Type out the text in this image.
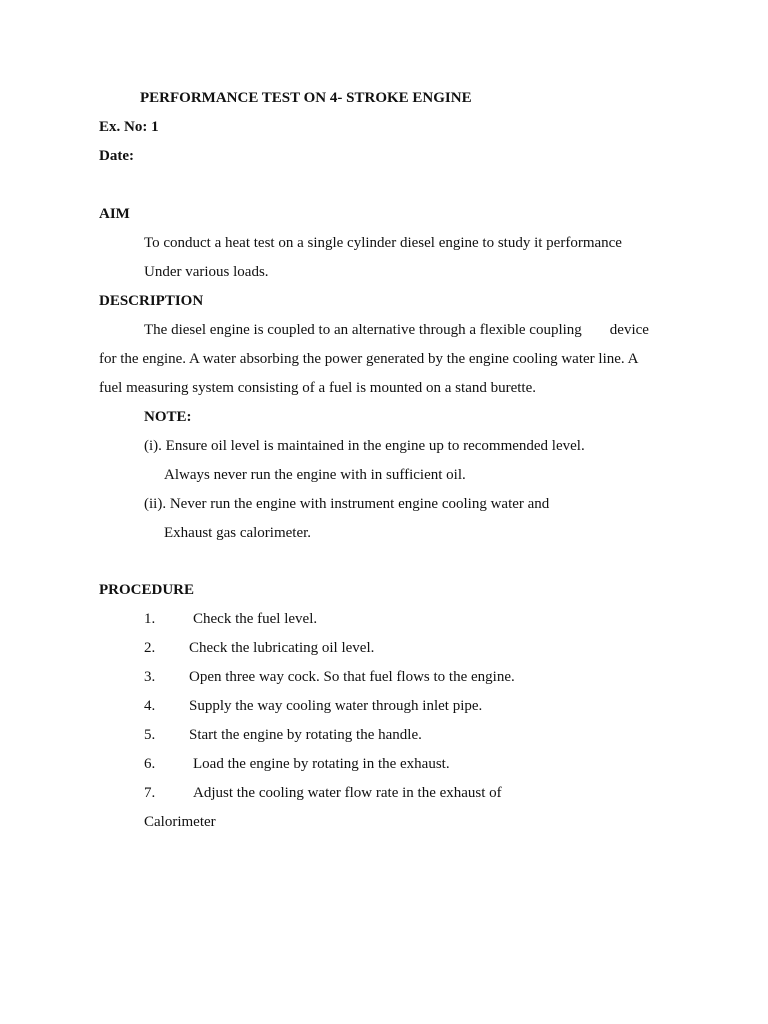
PERFORMANCE TEST ON 4- STROKE ENGINE
Ex. No: 1
Date:
AIM
To conduct a heat test on a single cylinder diesel engine to study it performance
Under various loads.
DESCRIPTION
The diesel engine is coupled to an alternative through a flexible coupling device
for the engine. A water absorbing the power generated by the engine cooling water line. A
fuel measuring system consisting of a fuel is mounted on a stand burette.
NOTE:
(i). Ensure oil level is maintained in the engine up to recommended level.
Always never run the engine with in sufficient oil.
(ii). Never run the engine with instrument engine cooling water and
Exhaust gas calorimeter.
PROCEDURE
1.	Check the fuel level.
2. Check the lubricating oil level.
3. Open three way cock. So that fuel flows to the engine.
4. Supply the way cooling water through inlet pipe.
5. Start the engine by rotating the handle.
6.	Load the engine by rotating in the exhaust.
7.	Adjust the cooling water flow rate in the exhaust of
Calorimeter
